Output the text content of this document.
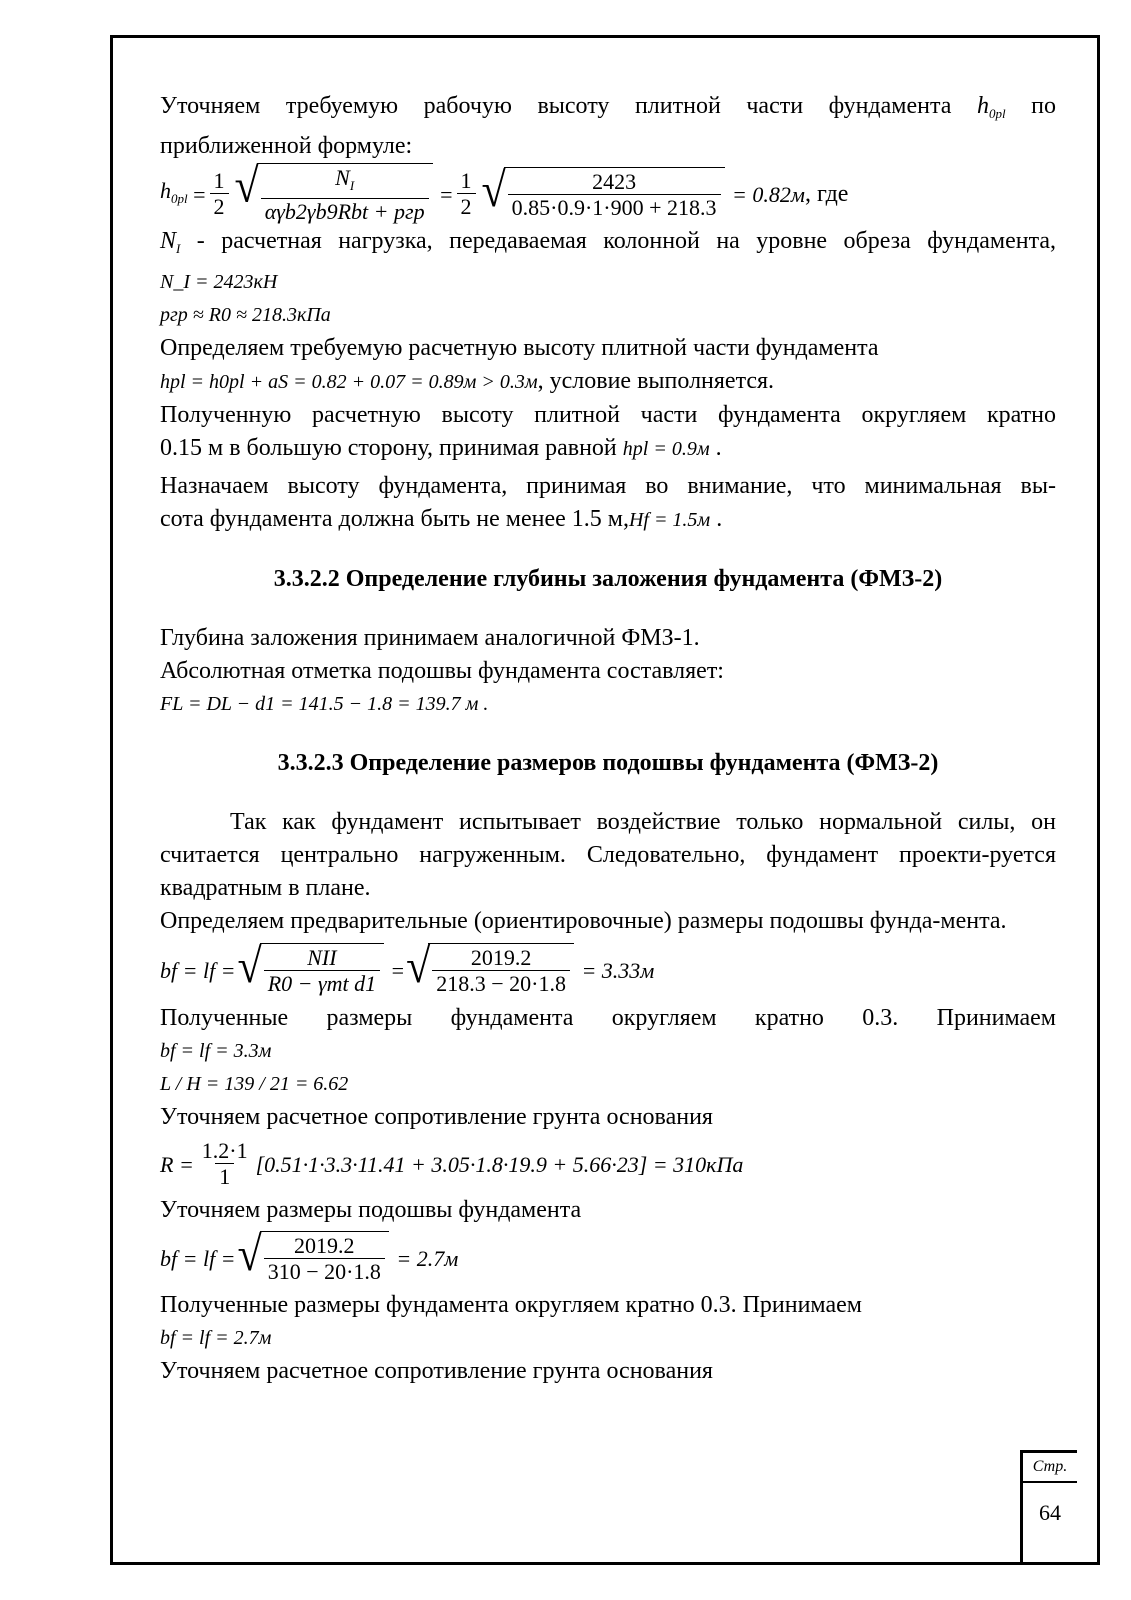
Уточняем требуемую рабочую высоту плитной части фундамента $h_{0pl}$ по

приближенной формуле:

$h_{0pl} = \frac{1}{2}$ √ $\frac{N_I}{\text{αγb2γb9Rbt + pгр}} = \frac{1}{2}$ √ $\frac{2423}{0.85\cdot 0.9\cdot 1\cdot 900 + 218.3} = 0.82м$ , где

$N_I$ - расчетная нагрузка, передаваемая колонной на уровне обреза фундамента, N_I = 2423кН

pгр ≈ R0 ≈ 218.3кПа

Определяем требуемую расчетную высоту плитной части фундамента

hpl = h0pl + aS = 0.82 + 0.07 = 0.89м > 0.3м, условие выполняется.

Полученную расчетную высоту плитной части фундамента округляем кратно

0.15 м в большую сторону, принимая равной hpl = 0.9м .

Назначаем высоту фундамента, принимая во внимание, что минимальная вы-

сота фундамента должна быть не менее 1.5 м,Hf = 1.5м .

3.3.2.2 Определение глубины заложения фундамента (ФМЗ-2)

Глубина заложения принимаем аналогичной ФМЗ-1.

Абсолютная отметка подошвы фундамента составляет:

FL = DL − d1 = 141.5 − 1.8 = 139.7 м .

3.3.2.3 Определение размеров подошвы фундамента (ФМЗ-2)

Так как фундамент испытывает воздействие только нормальной силы, он считается центрально нагруженным. Следовательно, фундамент проекти-руется квадратным в плане.

Определяем предварительные (ориентировочные) размеры подошвы фунда-мента.

bf = lf = √ $\frac{\text{NII}}{\text{R0 − γmt d1}}$ = √ $\frac{2019.2}{218.3 - 20\cdot 1.8} = 3.33м$

Полученные размеры фундамента округляем кратно 0.3. Принимаем

bf = lf = 3.3м

L / H = 139 / 21 = 6.62

Уточняем расчетное сопротивление грунта основания

$R = \frac{1.2\cdot 1}{1} [0.51\cdot 1\cdot 3.3\cdot 11.41 + 3.05\cdot 1.8\cdot 19.9 + 5.66\cdot 23] = 310кПа$

Уточняем размеры подошвы фундамента

bf = lf = √ $\frac{2019.2}{310 - 20\cdot 1.8} = 2.7м$

Полученные размеры фундамента округляем кратно 0.3. Принимаем

bf = lf = 2.7м

Уточняем расчетное сопротивление грунта основания

Стр.
64
